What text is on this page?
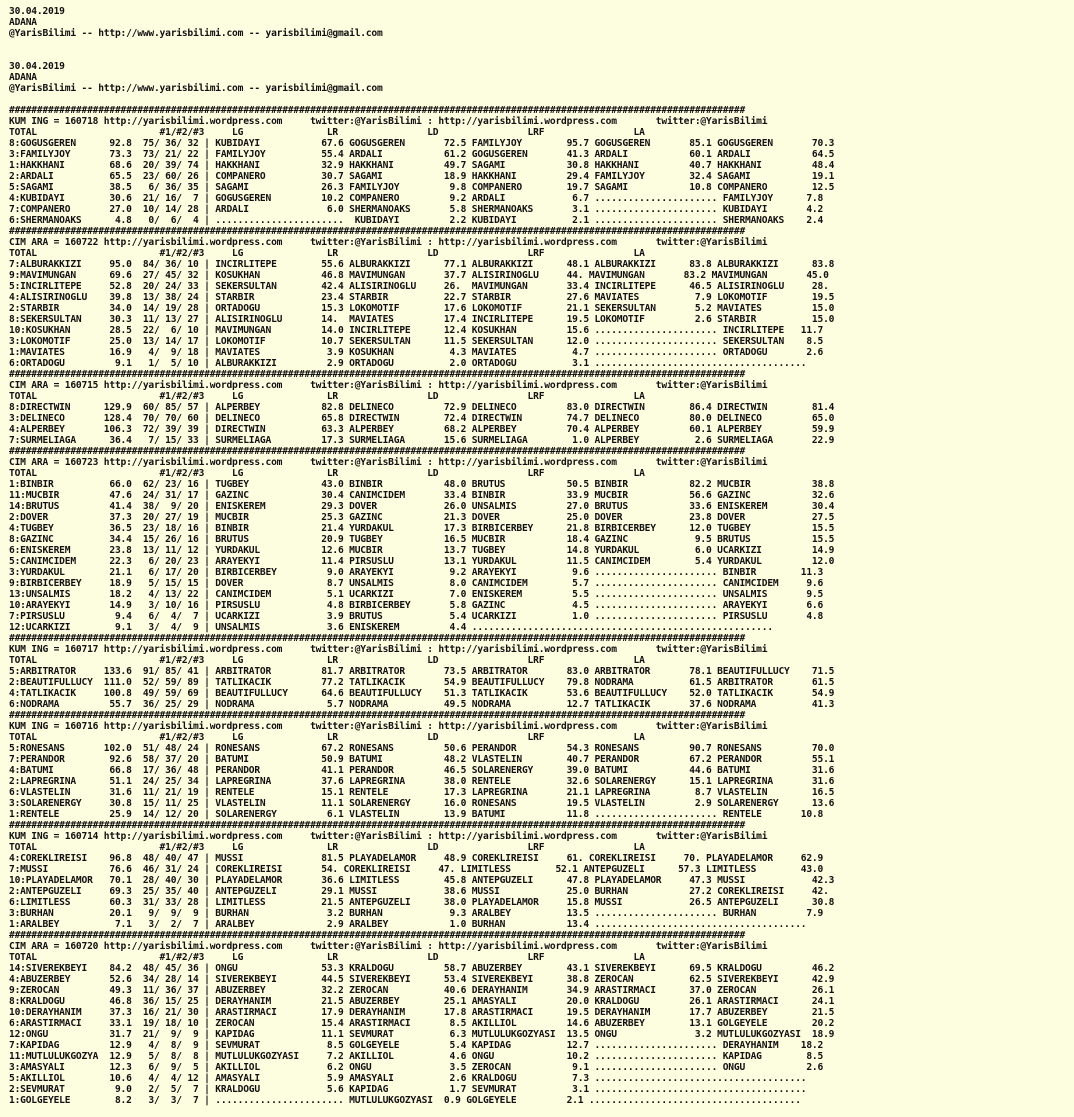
30.04.2019
ADANA
@YarisBilimi -- http://www.yarisbilimi.com -- yarisbilimi@gmail.com
30.04.2019
ADANA
@YarisBilimi -- http://www.yarisbilimi.com -- yarisbilimi@gmail.com
####################################################################################################################################
KUM ING = 160718 http://yarisbilimi.wordpress.com     twitter:@YarisBilimi : http://yarisbilimi.wordpress.com       twitter:@YarisBilimi
TOTAL                      #1/#2/#3     LG               LR                LD                LRF                LA
8:GOGUSGEREN      92.8  75/ 36/ 32 | KUBIDAYI           67.6 GOGUSGEREN       72.5 FAMILYJOY        95.7 GOGUSGEREN       85.1 GOGUSGEREN       70.3
3:FAMILYJOY       73.3  73/ 21/ 22 | FAMILYJOY          55.4 ARDALI           61.2 GOGUSGEREN       41.3 ARDALI           60.1 ARDALI           64.5
1:HAKKHANI        68.6  20/ 39/ 74 | HAKKHANI           32.9 HAKKHANI         49.7 SAGAMI           30.8 HAKKHANI         40.7 HAKKHANI         48.4
2:ARDALI          65.5  23/ 60/ 26 | COMPANERO          30.7 SAGAMI           18.9 HAKKHANI         29.4 FAMILYJOY        32.4 SAGAMI           19.1
5:SAGAMI          38.5   6/ 36/ 35 | SAGAMI             26.3 FAMILYJOY         9.8 COMPANERO        19.7 SAGAMI           10.8 COMPANERO        12.5
4:KUBIDAYI        30.6  21/ 16/  7 | GOGUSGEREN         10.2 COMPANERO         9.2 ARDALI            6.7 ...................... FAMILYJOY      7.8
7:COMPANERO       27.0  10/ 14/ 28 | ARDALI              6.0 SHERMANOAKS       5.8 SHERMANOAKS       3.1 ...................... KUBIDAYI       4.2
6:SHERMANOAKS      4.8   0/  6/  4 | .......................  KUBIDAYI         2.2 KUBIDAYI          2.1 ...................... SHERMANOAKS    2.4
####################################################################################################################################
CIM ARA = 160722 http://yarisbilimi.wordpress.com     twitter:@YarisBilimi : http://yarisbilimi.wordpress.com       twitter:@YarisBilimi
TOTAL                      #1/#2/#3     LG               LR                LD                LRF                LA
7:ALBURAKKIZI     95.0  84/ 36/ 10 | INCIRLITEPE        55.6 ALBURAKKIZI      77.1 ALBURAKKIZI      48.1 ALBURAKKIZI      83.8 ALBURAKKIZI      83.8
9:MAVIMUNGAN      69.6  27/ 45/ 32 | KOSUKHAN           46.8 MAVIMUNGAN       37.7 ALISIRINOGLU     44. MAVIMUNGAN       83.2 MAVIMUNGAN       45.0
5:INCIRLITEPE     52.8  20/ 24/ 33 | SEKERSULTAN        42.4 ALISIRINOGLU     26.  MAVIMUNGAN       33.4 INCIRLITEPE      46.5 ALISIRINOGLU     28.
4:ALISIRINOGLU    39.8  13/ 38/ 24 | STARBIR            23.4 STARBIR          22.7 STARBIR          27.6 MAVIATES          7.9 LOKOMOTIF        19.5
2:STARBIR         34.0  14/ 19/ 28 | ORTADOGU           15.3 LOKOMOTIF        17.6 LOKOMOTIF        21.1 SEKERSULTAN       5.2 MAVIATES         15.0
8:SEKERSULTAN     30.3  11/ 13/ 27 | ALISIRINOGLU       14.  MAVIATES         17.4 INCIRLITEPE      19.5 LOKOMOTIF         2.6 STARBIR          15.0
10:KOSUKHAN       28.5  22/  6/ 10 | MAVIMUNGAN         14.0 INCIRLITEPE      12.4 KOSUKHAN         15.6 ...................... INCIRLITEPE   11.7
3:LOKOMOTIF       25.0  13/ 14/ 17 | LOKOMOTIF          10.7 SEKERSULTAN      11.5 SEKERSULTAN      12.0 ...................... SEKERSULTAN    8.5
1:MAVIATES        16.9   4/  9/ 18 | MAVIATES            3.9 KOSUKHAN          4.3 MAVIATES          4.7 ...................... ORTADOGU       2.6
6:ORTADOGU         9.1   1/  5/ 10 | ALBURAKKIZI         2.9 ORTADOGU          2.0 ORTADOGU          3.1 ......................................
####################################################################################################################################
CIM ARA = 160715 http://yarisbilimi.wordpress.com     twitter:@YarisBilimi : http://yarisbilimi.wordpress.com       twitter:@YarisBilimi
TOTAL                      #1/#2/#3     LG               LR                LD                LRF                LA
8:DIRECTWIN      129.9  60/ 85/ 57 | ALPERBEY           82.8 DELINECO         72.9 DELINECO         83.0 DIRECTWIN        86.4 DIRECTWIN        81.4
3:DELINECO       128.4  70/ 70/ 60 | DELINECO           65.8 DIRECTWIN        72.4 DIRECTWIN        74.7 DELINECO         80.0 DELINECO         65.0
4:ALPERBEY       106.3  72/ 39/ 39 | DIRECTWIN          63.3 ALPERBEY         68.2 ALPERBEY         70.4 ALPERBEY         60.1 ALPERBEY         59.9
7:SURMELIAGA      36.4   7/ 15/ 33 | SURMELIAGA         17.3 SURMELIAGA       15.6 SURMELIAGA        1.0 ALPERBEY          2.6 SURMELIAGA       22.9
####################################################################################################################################
CIM ARA = 160723 http://yarisbilimi.wordpress.com     twitter:@YarisBilimi : http://yarisbilimi.wordpress.com       twitter:@YarisBilimi
TOTAL                      #1/#2/#3     LG               LR                LD                LRF                LA
1:BINBIR          66.0  62/ 23/ 16 | TUGBEY             43.0 BINBIR           48.0 BRUTUS           50.5 BINBIR           82.2 MUCBIR           38.8
11:MUCBIR         47.6  24/ 31/ 17 | GAZINC             30.4 CANIMCIDEM       33.4 BINBIR           33.9 MUCBIR           56.6 GAZINC           32.6
14:BRUTUS         41.4  38/  9/ 20 | ENISKEREM          29.3 DOVER            26.0 UNSALMIS         27.0 BRUTUS           33.6 ENISKEREM        30.4
2:DOVER           37.3  20/ 27/ 19 | MUCBIR             25.3 GAZINC           21.3 DOVER            25.0 DOVER            23.8 DOVER            27.5
4:TUGBEY          36.5  23/ 18/ 16 | BINBIR             21.4 YURDAKUL         17.3 BIRBICERBEY      21.8 BIRBICERBEY      12.0 TUGBEY           15.5
8:GAZINC          34.4  15/ 26/ 16 | BRUTUS             20.9 TUGBEY           16.5 MUCBIR           18.4 GAZINC            9.5 BRUTUS           15.5
6:ENISKEREM       23.8  13/ 11/ 12 | YURDAKUL           12.6 MUCBIR           13.7 TUGBEY           14.8 YURDAKUL          6.0 UCARKIZI         14.9
5:CANIMCIDEM      22.3   6/ 20/ 23 | ARAYEKYI           11.4 PIRSUSLU         13.1 YURDAKUL         11.5 CANIMCIDEM        5.4 YURDAKUL         12.0
3:YURDAKUL        21.1   6/ 17/ 20 | BIRBICERBEY         9.0 ARAYEKYI          9.2 ARAYEKYI          9.6 ...................... BINBIR        11.3
9:BIRBICERBEY     18.9   5/ 15/ 15 | DOVER               8.7 UNSALMIS          8.0 CANIMCIDEM        5.7 ...................... CANIMCIDEM     9.6
13:UNSALMIS       18.2   4/ 13/ 22 | CANIMCIDEM          5.1 UCARKIZI          7.0 ENISKEREM         5.5 ...................... UNSALMIS       9.5
10:ARAYEKYI       14.9   3/ 10/ 16 | PIRSUSLU            4.8 BIRBICERBEY       5.8 GAZINC            4.5 ...................... ARAYEKYI       6.6
7:PIRSUSLU         9.4   6/  4/  7 | UCARKIZI            3.9 BRUTUS            5.4 UCARKIZI          1.0 ...................... PIRSUSLU       4.8
12:UCARKIZI        9.1   3/  4/  9 | UNSALMIS            3.6 ENISKEREM         4.4 ......................................................
####################################################################################################################################
KUM ING = 160717 http://yarisbilimi.wordpress.com     twitter:@YarisBilimi : http://yarisbilimi.wordpress.com       twitter:@YarisBilimi
TOTAL                      #1/#2/#3     LG               LR                LD                LRF                LA
5:ARBITRATOR     133.6  91/ 85/ 41 | ARBITRATOR         81.7 ARBITRATOR       73.5 ARBITRATOR       83.0 ARBITRATOR       78.1 BEAUTIFULLUCY    71.5
2:BEAUTIFULLUCY  111.0  52/ 59/ 89 | TATLIKACIK         77.2 TATLIKACIK       54.9 BEAUTIFULLUCY    79.8 NODRAMA          61.5 ARBITRATOR       61.5
4:TATLIKACIK     100.8  49/ 59/ 69 | BEAUTIFULLUCY      64.6 BEAUTIFULLUCY    51.3 TATLIKACIK       53.6 BEAUTIFULLUCY    52.0 TATLIKACIK       54.9
6:NODRAMA         55.7  36/ 25/ 29 | NODRAMA             5.7 NODRAMA          49.5 NODRAMA          12.7 TATLIKACIK       37.6 NODRAMA          41.3
####################################################################################################################################
KUM ING = 160716 http://yarisbilimi.wordpress.com     twitter:@YarisBilimi : http://yarisbilimi.wordpress.com       twitter:@YarisBilimi
TOTAL                      #1/#2/#3     LG               LR                LD                LRF                LA
5:RONESANS       102.0  51/ 48/ 24 | RONESANS           67.2 RONESANS         50.6 PERANDOR         54.3 RONESANS         90.7 RONESANS         70.0
7:PERANDOR        92.6  58/ 37/ 20 | BATUMI             50.9 BATUMI           48.2 VLASTELIN        40.7 PERANDOR         67.2 PERANDOR         55.1
4:BATUMI          66.8  17/ 36/ 48 | PERANDOR           41.1 PERANDOR         46.5 SOLARENERGY      39.0 BATUMI           44.6 BATUMI           31.6
2:LAPREGRINA      51.1  24/ 25/ 34 | LAPREGRINA         37.6 LAPREGRINA       38.0 RENTELE          32.6 SOLARENERGY      15.1 LAPREGRINA       31.6
6:VLASTELIN       31.6  11/ 21/ 19 | RENTELE            15.1 RENTELE          17.3 LAPREGRINA       21.1 LAPREGRINA        8.7 VLASTELIN        16.5
3:SOLARENERGY     30.8  15/ 11/ 25 | VLASTELIN          11.1 SOLARENERGY      16.0 RONESANS         19.5 VLASTELIN         2.9 SOLARENERGY      13.6
1:RENTELE         25.9  14/ 12/ 20 | SOLARENERGY         6.1 VLASTELIN        13.9 BATUMI           11.8 ...................... RENTELE       10.8
####################################################################################################################################
KUM ING = 160714 http://yarisbilimi.wordpress.com     twitter:@YarisBilimi : http://yarisbilimi.wordpress.com       twitter:@YarisBilimi
TOTAL                      #1/#2/#3     LG               LR                LD                LRF                LA
4:COREKLIREISI    96.8  48/ 40/ 47 | MUSSI              81.5 PLAYADELAMOR     48.9 COREKLIREISI     61. COREKLIREISI     70. PLAYADELAMOR     62.9
7:MUSSI           76.6  46/ 31/ 24 | COREKLIREISI       54. COREKLIREISI     47. LIMITLESS        52.1 ANTEPGUZELI      57.3 LIMITLESS        43.0
10:PLAYADELAMOR   70.1  28/ 40/ 30 | PLAYADELAMOR       36.6 LIMITLESS        45.8 ANTEPGUZELI      47.8 PLAYADELAMOR     47.3 MUSSI            42.3
2:ANTEPGUZELI     69.3  25/ 35/ 40 | ANTEPGUZELI        29.1 MUSSI            38.6 MUSSI            25.0 BURHAN           27.2 COREKLIREISI     42.
6:LIMITLESS       60.3  31/ 33/ 28 | LIMITLESS          21.5 ANTEPGUZELI      38.0 PLAYADELAMOR     15.8 MUSSI            26.5 ANTEPGUZELI      30.8
3:BURHAN          20.1   9/  9/  9 | BURHAN              3.2 BURHAN            9.3 ARALBEY          13.5 ...................... BURHAN         7.9
1:ARALBEY          7.1   3/  2/  7 | ARALBEY             2.9 ARALBEY           1.0 BURHAN           13.4 ......................................
####################################################################################################################################
CIM ARA = 160720 http://yarisbilimi.wordpress.com     twitter:@YarisBilimi : http://yarisbilimi.wordpress.com       twitter:@YarisBilimi
TOTAL                      #1/#2/#3     LG               LR                LD                LRF                LA
14:SIVEREKBEYI    84.2  48/ 45/ 36 | ONGU               53.3 KRALDOGU         58.7 ABUZERBEY        43.1 SIVEREKBEYI      69.5 KRALDOGU         46.2
4:ABUZERBEY       52.6  34/ 28/ 14 | SIVEREKBEYI        44.5 SIVEREKBEYI      53.4 SIVEREKBEYI      38.8 ZEROCAN          62.5 SIVEREKBEYI      42.9
9:ZEROCAN         49.3  11/ 36/ 37 | ABUZERBEY          32.2 ZEROCAN          40.6 DERAYHANIM       34.9 ARASTIRMACI      37.0 ZEROCAN          26.1
8:KRALDOGU        46.8  36/ 15/ 25 | DERAYHANIM         21.5 ABUZERBEY        25.1 AMASYALI         20.0 KRALDOGU         26.1 ARASTIRMACI      24.1
10:DERAYHANIM     37.3  16/ 21/ 30 | ARASTIRMACI        17.9 DERAYHANIM       17.8 ARASTIRMACI      19.5 DERAYHANIM       17.7 ABUZERBEY        21.5
6:ARASTIRMACI     33.1  19/ 18/ 10 | ZEROCAN            15.4 ARASTIRMACI       8.5 AKILLIOL         14.6 ABUZERBEY        13.1 GOLGEYELE        20.2
12:ONGU           31.7  21/  9/  9 | KAPIDAG            11.1 SEVMURAT          6.3 MUTLULUKGOZYASI  13.5 ONGU              3.2 MUTLULUKGOZYASI  18.9
7:KAPIDAG         12.9   4/  8/  9 | SEVMURAT            8.5 GOLGEYELE         5.4 KAPIDAG          12.7 ...................... DERAYHANIM    18.2
11:MUTLULUKGOZYA  12.9   5/  8/  8 | MUTLULUKGOZYASI     7.2 AKILLIOL          4.6 ONGU             10.2 ...................... KAPIDAG        8.5
3:AMASYALI        12.3   6/  9/  5 | AKILLIOL            6.2 ONGU              3.5 ZEROCAN           9.1 ...................... ONGU           2.6
5:AKILLIOL        10.6   4/  4/ 12 | AMASYALI            5.9 AMASYALI          2.6 KRALDOGU          7.3 ......................................
2:SEVMURAT         9.0   2/  5/  7 | KRALDOGU            5.6 KAPIDAG           1.7 SEVMURAT          3.1 ......................................
1:GOLGEYELE        8.2   3/  3/  7 | ....................... MUTLULUKGOZYASI  0.9 GOLGEYELE         2.1 ......................................
